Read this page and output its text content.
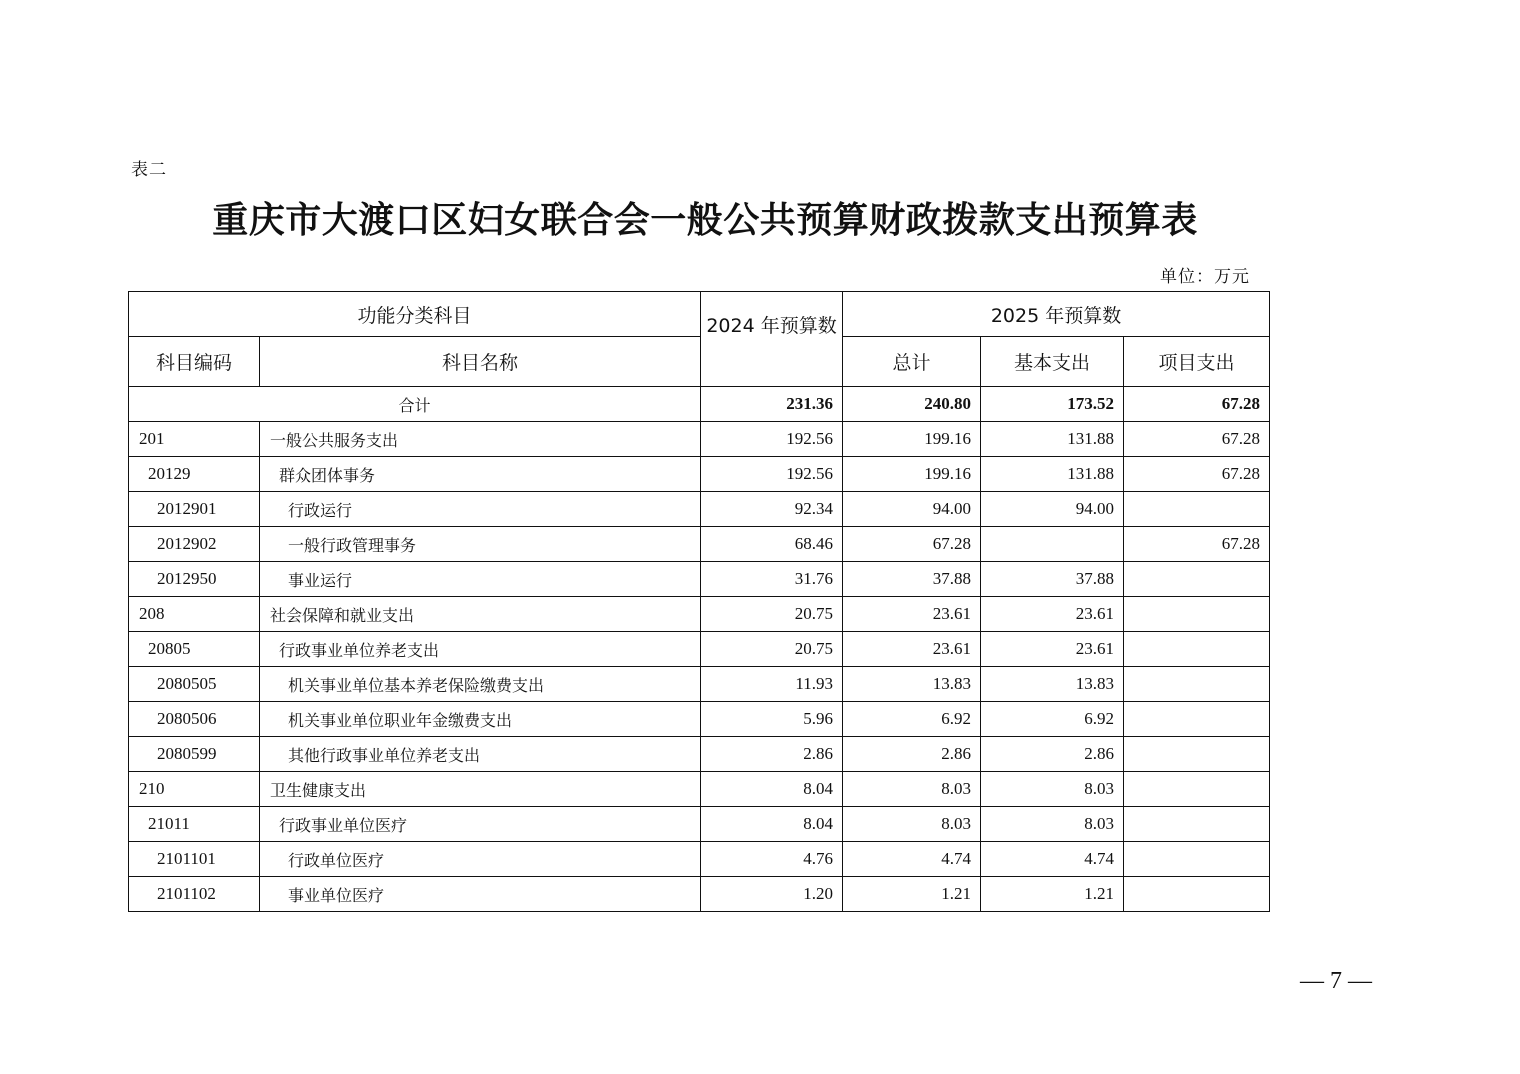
表二
重庆市大渡口区妇女联合会一般公共预算财政拨款支出预算表
单位：万元
功能分类科目		2024 年预算数	2025 年预算数		
科目编码	科目名称		总计	基本支出	项目支出
合计		231.36	240.80	173.52	67.28
201	一般公共服务支出	192.56	199.16	131.88	67.28
20129	群众团体事务	192.56	199.16	131.88	67.28
2012901	行政运行	92.34	94.00	94.00	
2012902	一般行政管理事务	68.46	67.28		67.28
2012950	事业运行	31.76	37.88	37.88	
208	社会保障和就业支出	20.75	23.61	23.61	
20805	行政事业单位养老支出	20.75	23.61	23.61	
2080505	机关事业单位基本养老保险缴费支出	11.93	13.83	13.83	
2080506	机关事业单位职业年金缴费支出	5.96	6.92	6.92	
2080599	其他行政事业单位养老支出	2.86	2.86	2.86	
210	卫生健康支出	8.04	8.03	8.03	
21011	行政事业单位医疗	8.04	8.03	8.03	
2101101	行政单位医疗	4.76	4.74	4.74	
2101102	事业单位医疗	1.20	1.21	1.21	
— 7 —
